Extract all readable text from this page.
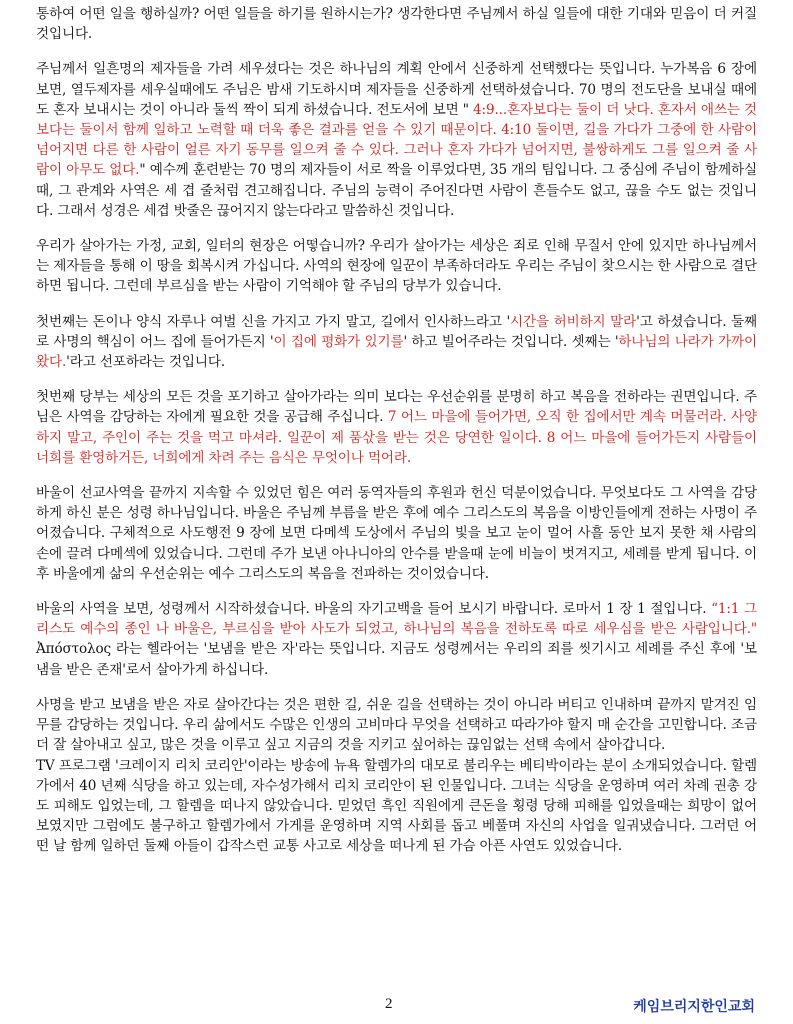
통하여 어떤 일을 행하실까? 어떤 일들을 하기를 원하시는가? 생각한다면 주님께서 하실 일들에 대한 기대와 믿음이 더 커질 것입니다.

주님께서 일흔명의 제자들을 가려 세우셨다는 것은 하나님의 계획 안에서 신중하게 선택했다는 뜻입니다. 누가복음 6 장에 보면, 열두제자를 세우실때에도 주님은 밤새 기도하시며 제자들을 신중하게 선택하셨습니다. 70 명의 전도단을 보내실 때에도 혼자 보내시는 것이 아니라 둘씩 짝이 되게 하셨습니다. 전도서에 보면 " 4:9...혼자보다는 둘이 더 낫다. 혼자서 애쓰는 것보다는 둘이서 함께 일하고 노력할 때 더욱 좋은 결과를 얻을 수 있기 때문이다. 4:10 둘이면, 길을 가다가 그중에 한 사람이 넘어지면 다른 한 사람이 얼른 자기 동무를 일으켜 줄 수 있다. 그러나 혼자 가다가 넘어지면, 불쌍하게도 그를 일으켜 줄 사람이 아무도 없다." 예수께 훈련받는 70 명의 제자들이 서로 짝을 이루었다면, 35 개의 팀입니다. 그 중심에 주님이 함께하실 때, 그 관계와 사역은 세 겹 줄처럼 견고해집니다. 주님의 능력이 주어진다면 사람이 흔들수도 없고, 끊을 수도 없는 것입니다. 그래서 성경은 세겹 밧줄은 끊어지지 않는다라고 말씀하신 것입니다.

우리가 살아가는 가정, 교회, 일터의 현장은 어떻습니까? 우리가 살아가는 세상은 죄로 인해 무질서 안에 있지만 하나님께서는 제자들을 통해 이 땅을 회복시켜 가십니다. 사역의 현장에 일꾼이 부족하더라도 우리는 주님이 찾으시는 한 사람으로 결단하면 됩니다. 그런데 부르심을 받는 사람이 기억해야 할 주님의 당부가 있습니다.

첫번째는 돈이나 양식 자루나 여벌 신을 가지고 가지 말고, 길에서 인사하느라고 '시간을 허비하지 말라'고 하셨습니다. 둘째로 사명의 핵심이 어느 집에 들어가든지 '이 집에 평화가 있기를' 하고 빌어주라는 것입니다. 셋째는 '하나님의 나라가 가까이 왔다.'라고 선포하라는 것입니다.

첫번째 당부는 세상의 모든 것을 포기하고 살아가라는 의미 보다는 우선순위를 분명히 하고 복음을 전하라는 권면입니다. 주님은 사역을 감당하는 자에게 필요한 것을 공급해 주십니다. 7 어느 마을에 들어가면, 오직 한 집에서만 계속 머물러라. 사양하지 말고, 주인이 주는 것을 먹고 마셔라. 일꾼이 제 품삯을 받는 것은 당연한 일이다. 8 어느 마을에 들어가든지 사람들이 너희를 환영하거든, 너희에게 차려 주는 음식은 무엇이나 먹어라.

바울이 선교사역을 끝까지 지속할 수 있었던 힘은 여러 동역자들의 후원과 헌신 덕분이었습니다. 무엇보다도 그 사역을 감당하게 하신 분은 성령 하나님입니다. 바울은 주님께 부름을 받은 후에 예수 그리스도의 복음을 이방인들에게 전하는 사명이 주어졌습니다. 구체적으로 사도행전 9 장에 보면 다메섹 도상에서 주님의 빛을 보고 눈이 멀어 사흘 동안 보지 못한 채 사람의 손에 끌려 다메섹에 있었습니다. 그런데 주가 보낸 아나니아의 안수를 받을때 눈에 비늘이 벗겨지고, 세례를 받게 됩니다. 이후 바울에게 삶의 우선순위는 예수 그리스도의 복음을 전파하는 것이었습니다.

바울의 사역을 보면, 성령께서 시작하셨습니다. 바울의 자기고백을 들어 보시기 바랍니다. 로마서 1 장 1 절입니다. “1:1 그리스도 예수의 종인 나 바울은, 부르심을 받아 사도가 되었고, 하나님의 복음을 전하도록 따로 세우심을 받은 사람입니다." Ἀπόστολος 라는 헬라어는 '보냄을 받은 자'라는 뜻입니다. 지금도 성령께서는 우리의 죄를 씻기시고 세례를 주신 후에 '보냄을 받은 존재'로서 살아가게 하십니다.

사명을 받고 보냄을 받은 자로 살아간다는 것은 편한 길, 쉬운 길을 선택하는 것이 아니라 버티고 인내하며 끝까지 맡겨진 임무를 감당하는 것입니다. 우리 삶에서도 수많은 인생의 고비마다 무엇을 선택하고 따라가야 할지 매 순간을 고민합니다. 조금 더 잘 살아내고 싶고, 많은 것을 이루고 싶고 지금의 것을 지키고 싶어하는 끊임없는 선택 속에서 살아갑니다.

TV 프로그램 '크레이지 리치 코리안'이라는 방송에 뉴욕 할렘가의 대모로 불리우는 베티박이라는 분이 소개되었습니다. 할렘가에서 40 년째 식당을 하고 있는데, 자수성가해서 리치 코리안이 된 인물입니다. 그녀는 식당을 운영하며 여러 차례 권총 강도 피해도 입었는데, 그 할렘을 떠나지 않았습니다. 믿었던 흑인 직원에게 큰돈을 횡령 당해 피해를 입었을때는 희망이 없어 보였지만 그럼에도 불구하고 할렘가에서 가게를 운영하며 지역 사회를 돕고 베풀며 자신의 사업을 일궈냈습니다. 그러던 어떤 날 함께 일하던 둘째 아들이 갑작스런 교통 사고로 세상을 떠나게 된 가슴 아픈 사연도 있었습니다.

2	케임브리지한인교회
